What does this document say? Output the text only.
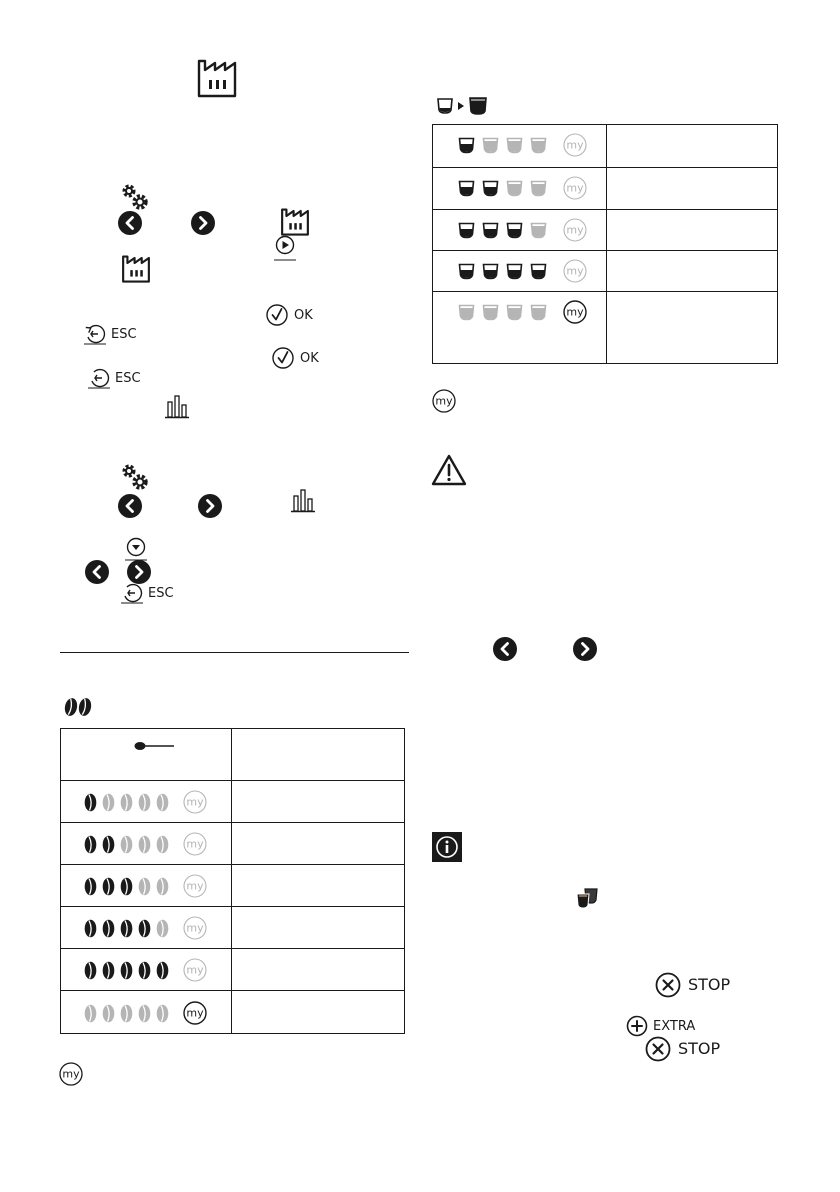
OK
ESC
OK
ESC
ESC
my
my
my
my
my
my
my
my
my
my
my
my
my
STOP
EXTRA
STOP
